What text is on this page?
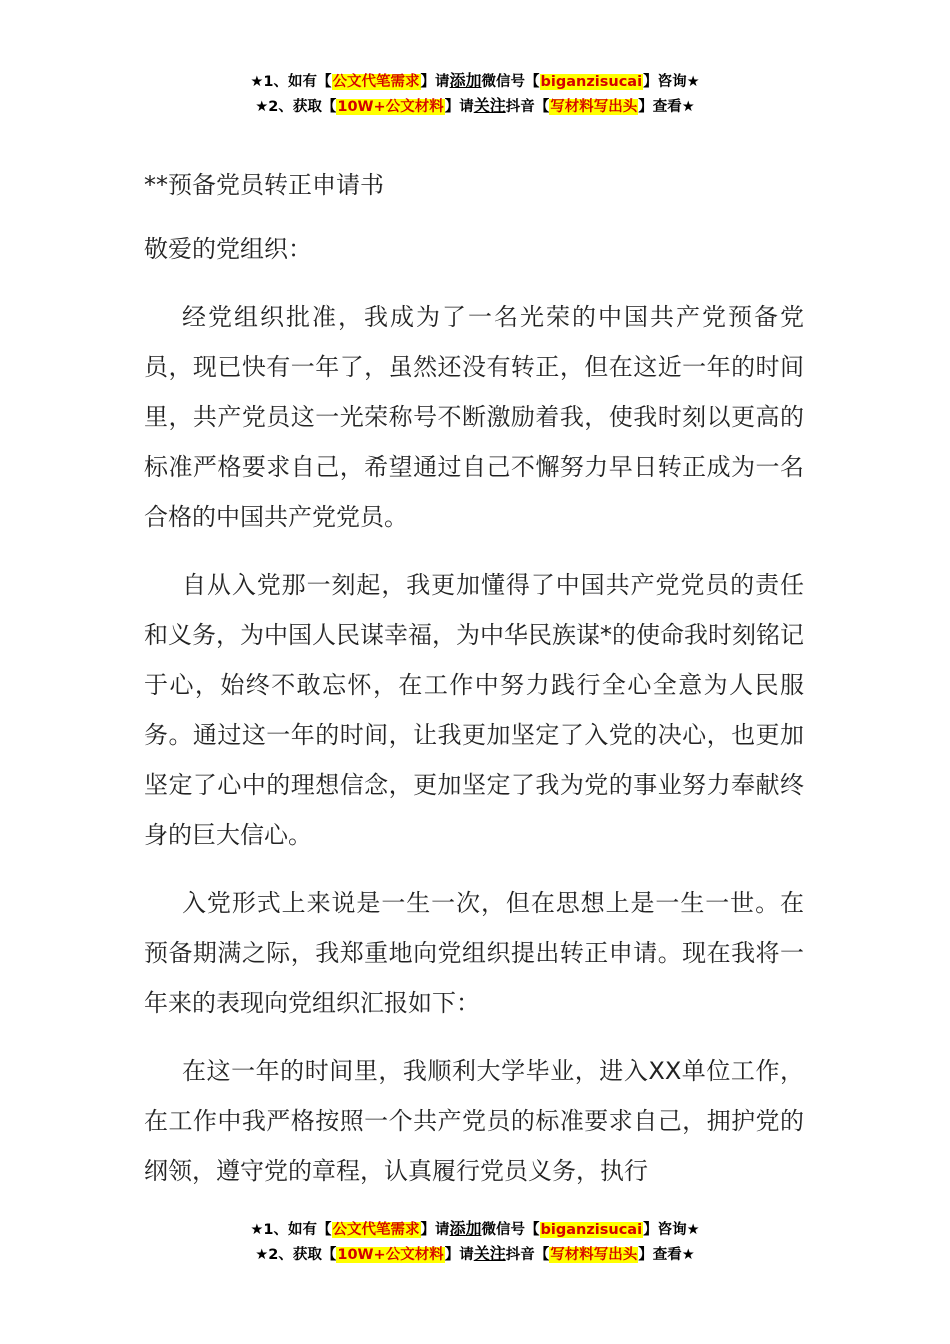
★1、如有【公文代笔需求】请添加微信号【biganzisucai】咨询★
★2、获取【10W+公文材料】请关注抖音【写材料写出头】查看★

**预备党员转正申请书

敬爱的党组织：

经党组织批准，我成为了一名光荣的中国共产党预备党员，现已快有一年了，虽然还没有转正，但在这近一年的时间里，共产党员这一光荣称号不断激励着我，使我时刻以更高的标准严格要求自己，希望通过自己不懈努力早日转正成为一名合格的中国共产党党员。

自从入党那一刻起，我更加懂得了中国共产党党员的责任和义务，为中国人民谋幸福，为中华民族谋*的使命我时刻铭记于心，始终不敢忘怀，在工作中努力践行全心全意为人民服务。通过这一年的时间，让我更加坚定了入党的决心，也更加坚定了心中的理想信念，更加坚定了我为党的事业努力奉献终身的巨大信心。

入党形式上来说是一生一次，但在思想上是一生一世。在预备期满之际，我郑重地向党组织提出转正申请。现在我将一年来的表现向党组织汇报如下：

在这一年的时间里，我顺利大学毕业，进入XX单位工作，在工作中我严格按照一个共产党员的标准要求自己，拥护党的纲领，遵守党的章程，认真履行党员义务，执行

★1、如有【公文代笔需求】请添加微信号【biganzisucai】咨询★
★2、获取【10W+公文材料】请关注抖音【写材料写出头】查看★
